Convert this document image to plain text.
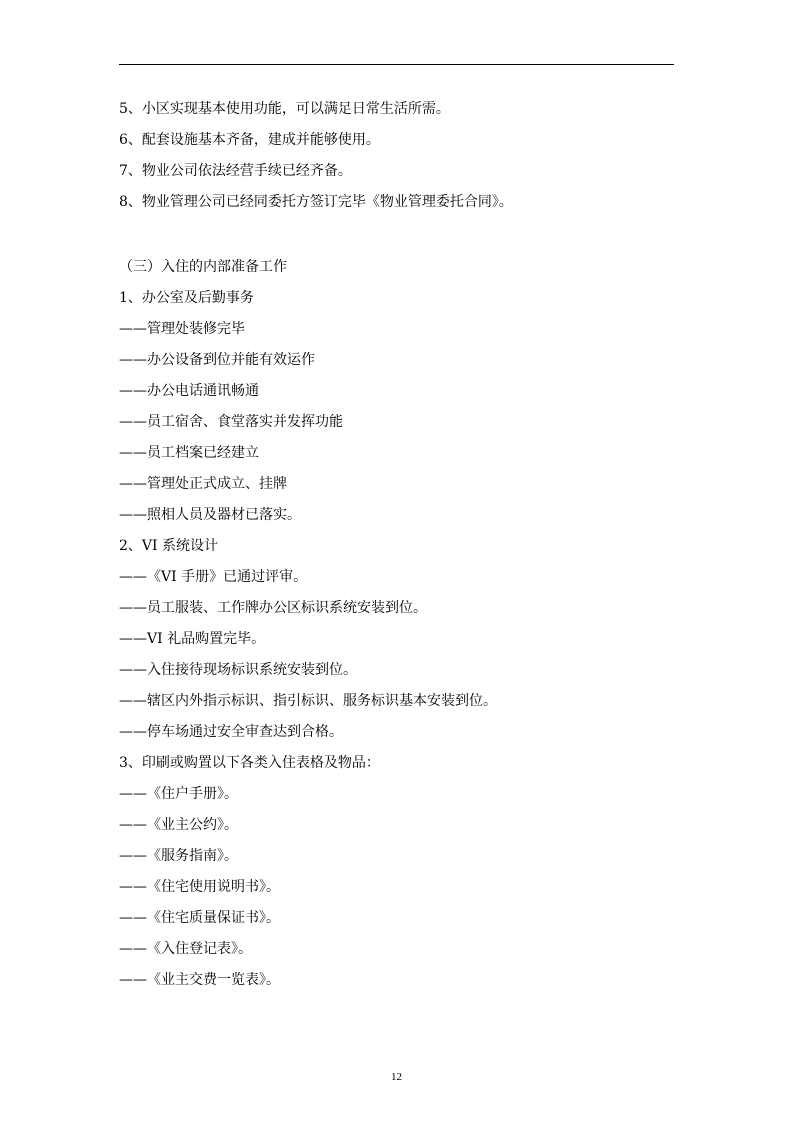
5、小区实现基本使用功能，可以满足日常生活所需。
6、配套设施基本齐备，建成并能够使用。
7、物业公司依法经营手续已经齐备。
8、物业管理公司已经同委托方签订完毕《物业管理委托合同》。
（三）入住的内部准备工作
1、办公室及后勤事务
——管理处装修完毕
——办公设备到位并能有效运作
——办公电话通讯畅通
——员工宿舍、食堂落实并发挥功能
——员工档案已经建立
——管理处正式成立、挂牌
——照相人员及器材已落实。
2、VI 系统设计
——《VI 手册》已通过评审。
——员工服装、工作牌办公区标识系统安装到位。
——VI 礼品购置完毕。
——入住接待现场标识系统安装到位。
——辖区内外指示标识、指引标识、服务标识基本安装到位。
——停车场通过安全审查达到合格。
3、印刷或购置以下各类入住表格及物品：
——《住户手册》。
——《业主公约》。
——《服务指南》。
——《住宅使用说明书》。
——《住宅质量保证书》。
——《入住登记表》。
——《业主交费一览表》。
12
